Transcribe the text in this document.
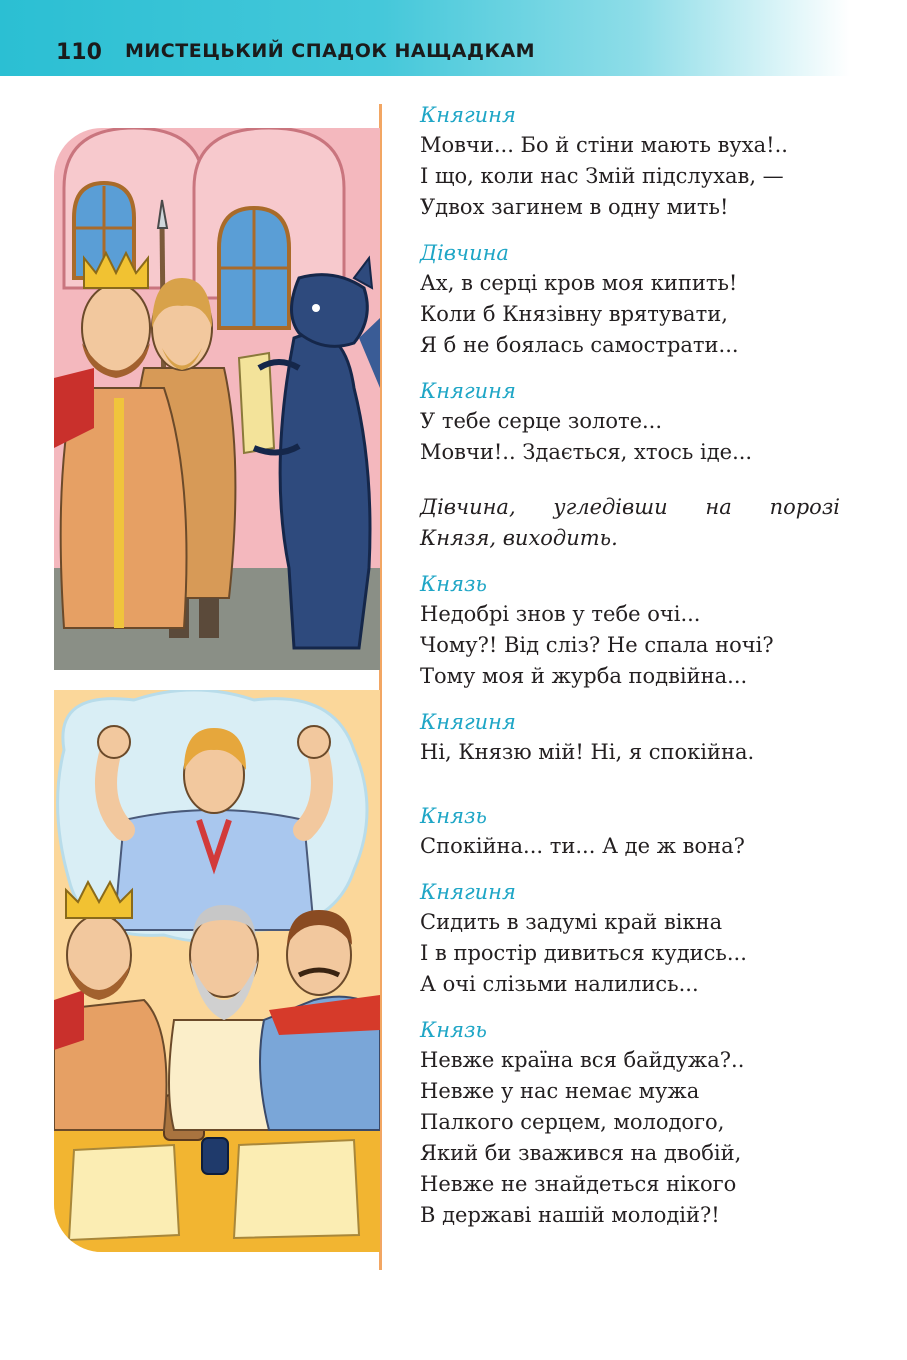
110 МИСТЕЦЬКИЙ СПАДОК НАЩАДКАМ
Княгиня
Мовчи... Бо й стіни мають вуха!..
І що, коли нас Змій підслухав, —
Удвох загинем в одну мить!
Дівчина
Ах, в серці кров моя кипить!
Коли б Князівну врятувати,
Я б не боялась самострати...
Княгиня
У тебе серце золоте...
Мовчи!.. Здається, хтось іде...
Дівчина, угледівши на порозі
Князя, виходить.
Князь
Недобрі знов у тебе очі...
Чому?! Від сліз? Не спала ночі?
Тому моя й журба подвійна...
Княгиня
Ні, Князю мій! Ні, я спокійна.
Князь
Спокійна... ти... А де ж вона?
Княгиня
Сидить в задумі край вікна
І в простір дивиться кудись...
А очі слізьми налились...
Князь
Невже країна вся байдужа?..
Невже у нас немає мужа
Палкого серцем, молодого,
Який би зважився на двобій,
Невже не знайдеться нікого
В державі нашій молодій?!
